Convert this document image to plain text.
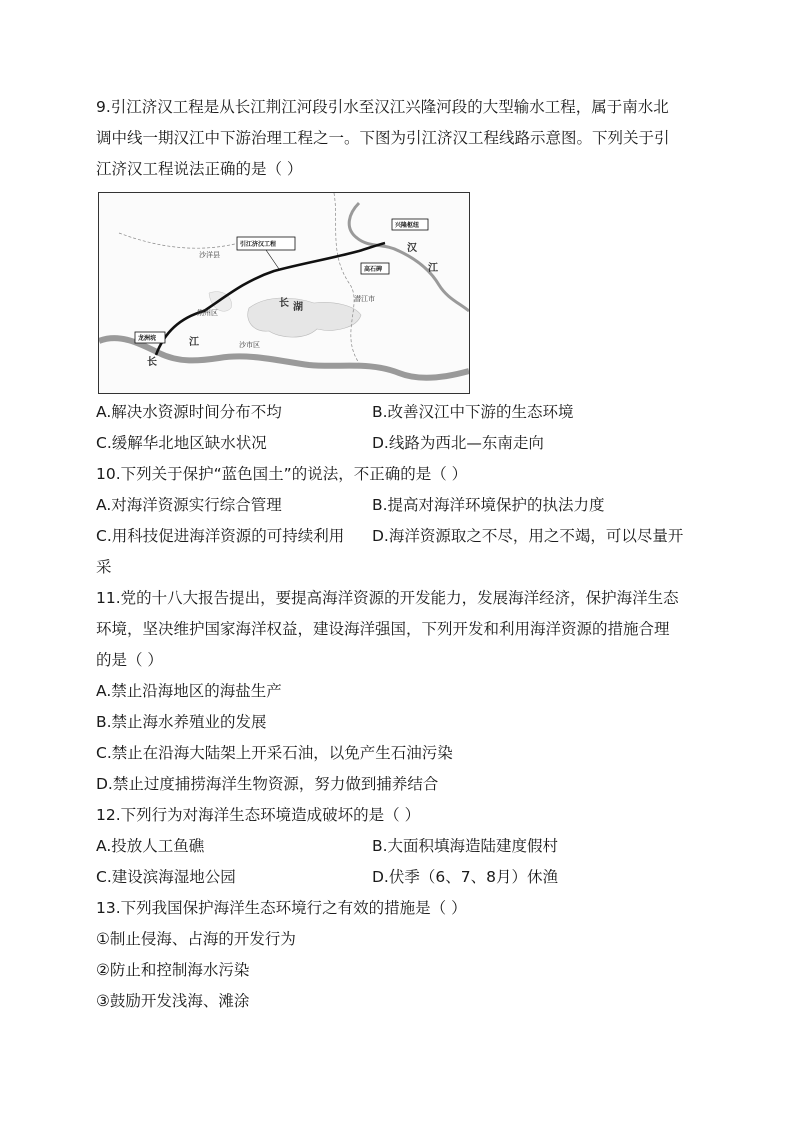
9.引江济汉工程是从长江荆江河段引水至汉江兴隆河段的大型输水工程，属于南水北
调中线一期汉江中下游治理工程之一。下图为引江济汉工程线路示意图。下列关于引
江济汉工程说法正确的是（ ）
引江济汉工程
兴隆枢纽
高石碑
龙洲垸
沙洋县
荆州区
沙市区
潜江市
长 湖
汉
江
长
江
A.解决水资源时间分布不均	B.改善汉江中下游的生态环境
C.缓解华北地区缺水状况	D.线路为西北—东南走向
10.下列关于保护“蓝色国土”的说法，不正确的是（ ）
A.对海洋资源实行综合管理	B.提高对海洋环境保护的执法力度
C.用科技促进海洋资源的可持续利用 D.海洋资源取之不尽，用之不竭，可以尽量开
采
11.党的十八大报告提出，要提高海洋资源的开发能力，发展海洋经济，保护海洋生态
环境，坚决维护国家海洋权益，建设海洋强国，下列开发和利用海洋资源的措施合理
的是（ ）
A.禁止沿海地区的海盐生产
B.禁止海水养殖业的发展
C.禁止在沿海大陆架上开采石油，以免产生石油污染
D.禁止过度捕捞海洋生物资源，努力做到捕养结合
12.下列行为对海洋生态环境造成破坏的是（ ）
A.投放人工鱼礁	B.大面积填海造陆建度假村
C.建设滨海湿地公园	D.伏季（6、7、8月）休渔
13.下列我国保护海洋生态环境行之有效的措施是（ ）
①制止侵海、占海的开发行为
②防止和控制海水污染
③鼓励开发浅海、滩涂
